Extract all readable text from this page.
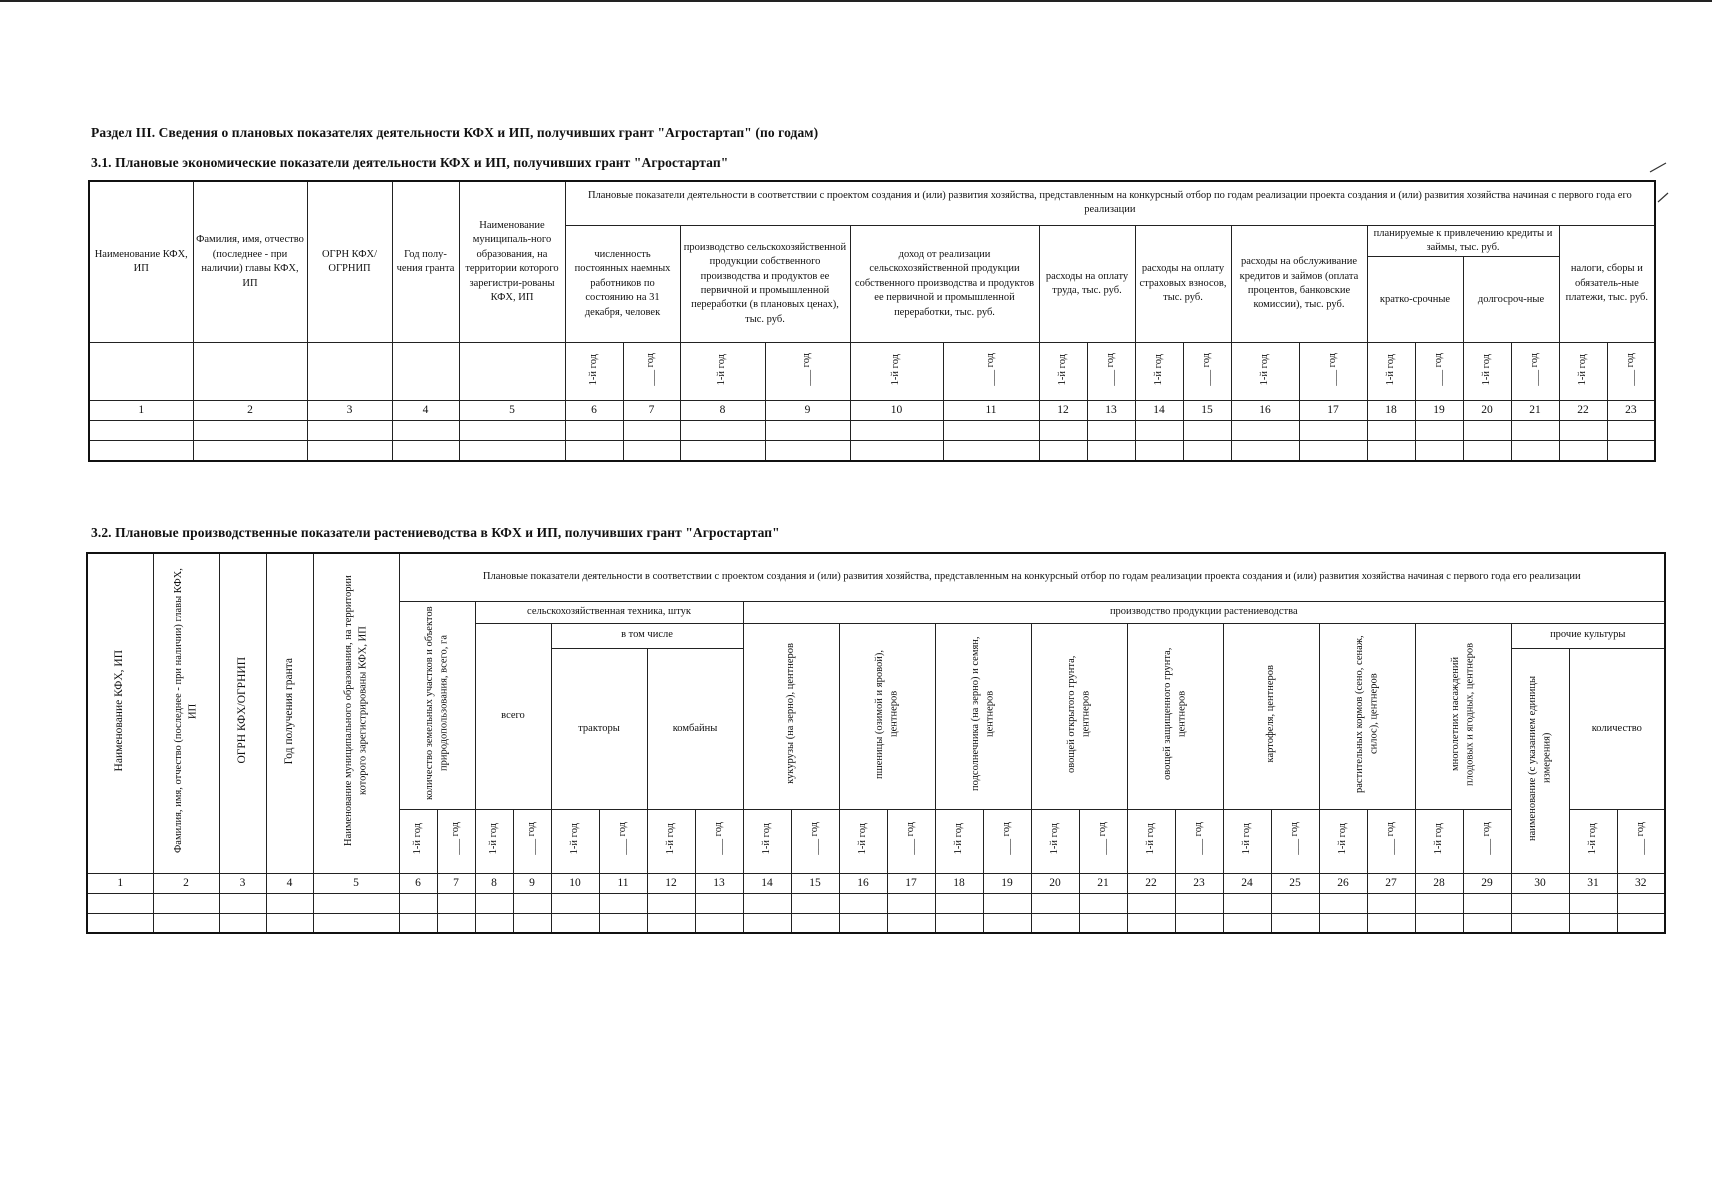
Раздел III. Сведения о плановых показателях деятельности КФХ и ИП, получивших грант "Агростартап" (по годам)
3.1. Плановые экономические показатели деятельности КФХ и ИП, получивших грант "Агростартап"
Наименование КФХ, ИП	Фамилия, имя, отчество (последнее - при наличии) главы КФХ, ИП	ОГРН КФХ/ ОГРНИП	Год полу-чения гранта	Наименование муниципаль-ного образования, на территории которого зарегистри-рованы КФХ, ИП	Плановые показатели деятельности в соответствии с проектом создания и (или) развития хозяйства, представленным на конкурсный отбор по годам реализации проекта создания и (или) развития хозяйства начиная с первого года его реализации																	
					численность постоянных наемных работников по состоянию на 31 декабря, человек		производство сельскохозяйственной продукции собственного производства и продуктов ее первичной и промышленной переработки (в плановых ценах), тыс. руб.		доход от реализации сельскохозяйственной продукции собственного производства и продуктов ее первичной и промышленной переработки, тыс. руб.		расходы на оплату труда, тыс. руб.		расходы на оплату страховых взносов, тыс. руб.		расходы на обслуживание кредитов и займов (оплата процентов, банковские комиссии), тыс. руб.		планируемые к привлечению кредиты и займы, тыс. руб.				налоги, сборы и обязатель-ные платежи, тыс. руб.	
																	кратко-срочные		долгосроч-ные			
					1-й год	___ год	1-й год	___ год	1-й год	___ год	1-й год	___ год	1-й год	___ год	1-й год	___ год	1-й год	___ год	1-й год	___ год	1-й год	___ год
1	2	3	4	5	6	7	8	9	10	11	12	13	14	15	16	17	18	19	20	21	22	23

3.2. Плановые производственные показатели растениеводства в КФХ и ИП, получивших грант "Агростартап"
Наименование КФХ, ИП	Фамилия, имя, отчество (последнее - при наличии) главы КФХ, ИП	ОГРН КФХ/ОГРНИП	Год получения гранта	Наименование муниципального образования, на территории которого зарегистрированы КФХ, ИП	Плановые показатели деятельности в соответствии с проектом создания и (или) развития хозяйства, представленным на конкурсный отбор по годам реализации проекта создания и (или) развития хозяйства начиная с первого года его реализации																										
					количество земельных участков и объектов природопользования, всего, га		сельскохозяйственная техника, штук						производство продукции растениеводства																		
							всего		в том числе				кукурузы (на зерно), центнеров		пшеницы (озимой и яровой), центнеров		подсолнечника (на зерно) и семян, центнеров		овощей открытого грунта, центнеров		овощей защищенного грунта, центнеров		картофеля, центнеров		растительных кормов (сено, сенаж, силос), центнеров		многолетних насаждений плодовых и ягодных, центнеров		прочие культуры		
									тракторы		комбайны																		наименование (с указанием единицы измерения)	количество	
					1-й год	___ год	1-й год	___ год	1-й год	___ год	1-й год	___ год	1-й год	___ год	1-й год	___ год	1-й год	___ год	1-й год	___ год	1-й год	___ год	1-й год	___ год	1-й год	___ год	1-й год	___ год		1-й год	___ год
1	2	3	4	5	6	7	8	9	10	11	12	13	14	15	16	17	18	19	20	21	22	23	24	25	26	27	28	29	30	31	32
